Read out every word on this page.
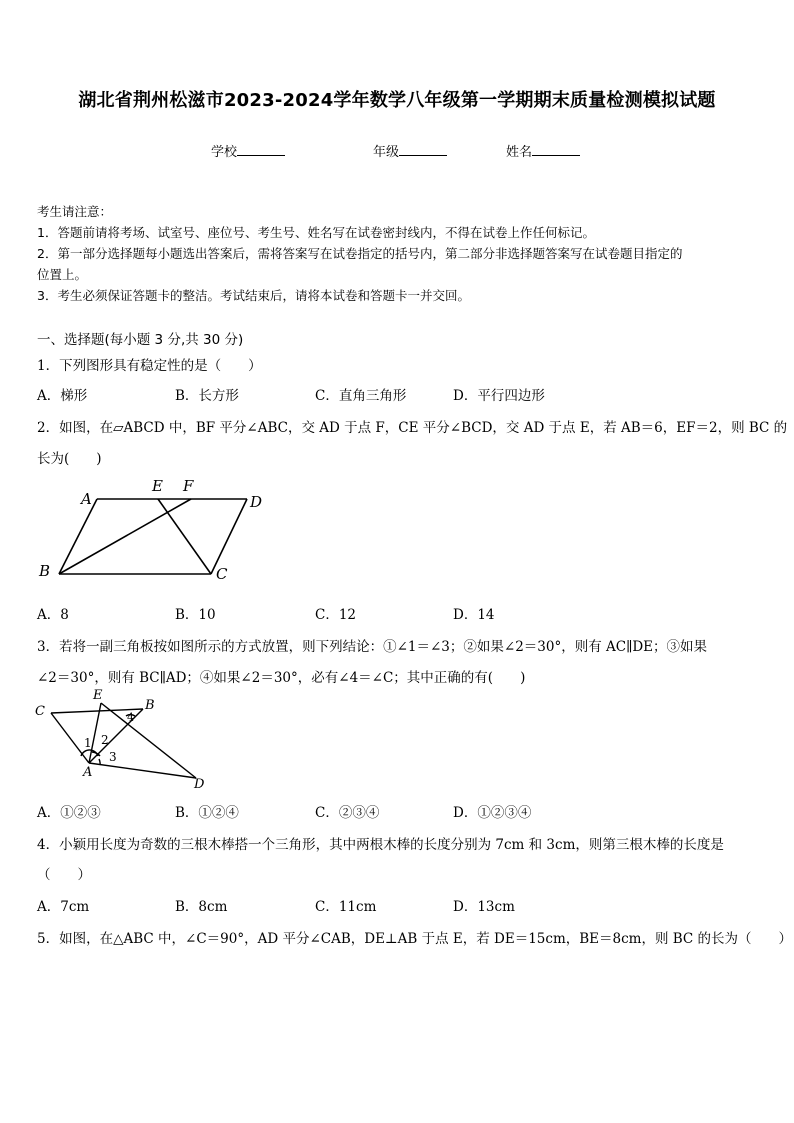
湖北省荆州松滋市2023-2024学年数学八年级第一学期期末质量检测模拟试题
学校	年级	姓名
考生请注意：
1．答题前请将考场、试室号、座位号、考生号、姓名写在试卷密封线内，不得在试卷上作任何标记。
2．第一部分选择题每小题选出答案后，需将答案写在试卷指定的括号内，第二部分非选择题答案写在试卷题目指定的
位置上。
3．考生必须保证答题卡的整洁。考试结束后，请将本试卷和答题卡一并交回。
一、选择题(每小题 3 分,共 30 分)
1．下列图形具有稳定性的是（　　）
A．梯形	B．长方形	C．直角三角形	D．平行四边形
2．如图，在▱ABCD 中，BF 平分∠ABC，交 AD 于点 F，CE 平分∠BCD，交 AD 于点 E，若 AB＝6，EF＝2，则 BC 的
长为(　　)
A
E F
D
B	C
A．8	B．10	C．12	D．14
3．若将一副三角板按如图所示的方式放置，则下列结论：①∠1＝∠3；②如果∠2＝30°，则有 AC∥DE；③如果
∠2＝30°，则有 BC∥AD；④如果∠2＝30°，必有∠4＝∠C；其中正确的有(　　)
C
E
B
A
D
1 2
3
4
A．①②③	B．①②④	C．②③④	D．①②③④
4．小颖用长度为奇数的三根木棒搭一个三角形，其中两根木棒的长度分别为 7cm 和 3cm，则第三根木棒的长度是
（　　）
A．7cm	B．8cm	C．11cm	D．13cm
5．如图，在△ABC 中，∠C＝90°，AD 平分∠CAB，DE⊥AB 于点 E，若 DE＝15cm，BE＝8cm，则 BC 的长为（　　）
